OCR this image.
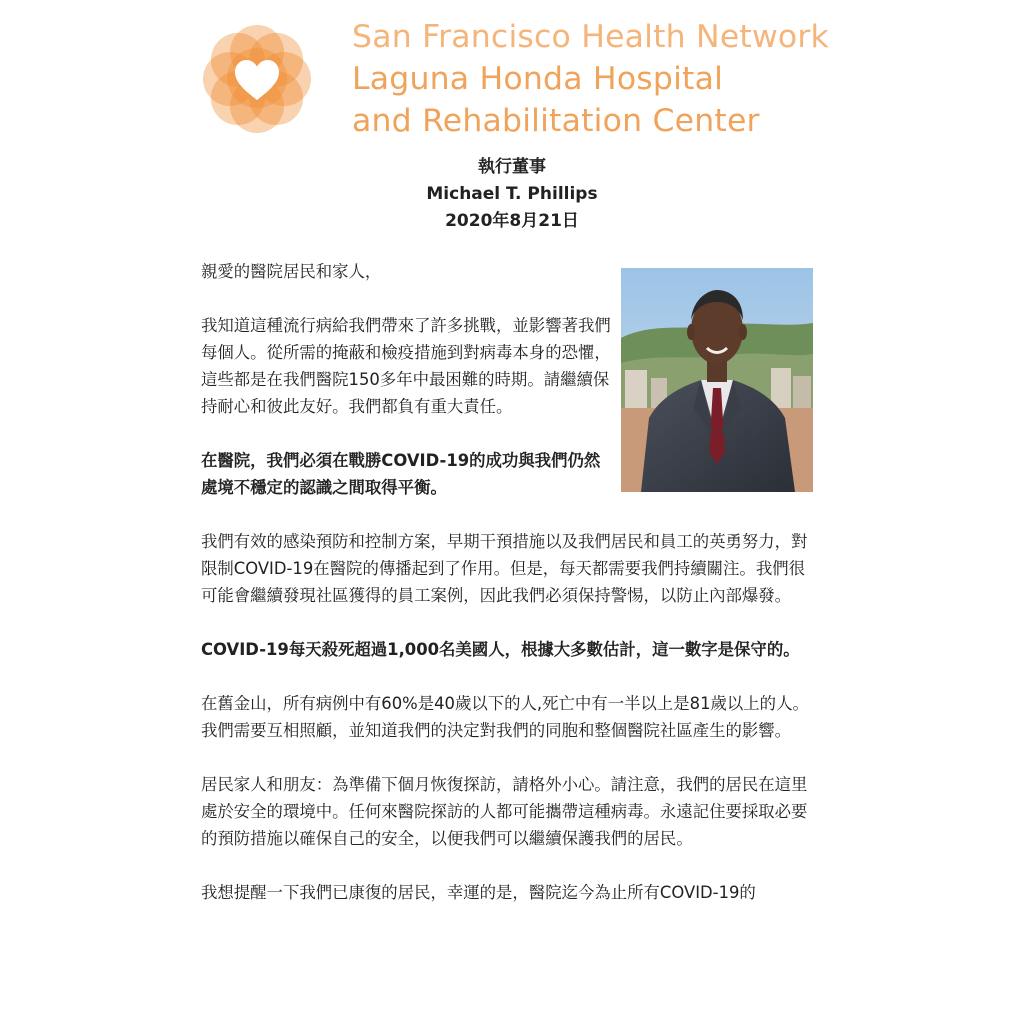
San Francisco Health Network
Laguna Honda Hospital
and Rehabilitation Center
執行董事
Michael T. Phillips
2020年8月21日

親愛的醫院居民和家人，

我知道這種流行病給我們帶來了許多挑戰，並影響著我們每個人。從所需的掩蔽和檢疫措施到對病毒本身的恐懼，這些都是在我們醫院150多年中最困難的時期。請繼續保持耐心和彼此友好。我們都負有重大責任。

在醫院，我們必須在戰勝COVID-19的成功與我們仍然處境不穩定的認識之間取得平衡。

我們有效的感染預防和控制方案，早期干預措施以及我們居民和員工的英勇努力，對限制COVID-19在醫院的傳播起到了作用。但是，每天都需要我們持續關注。我們很可能會繼續發現社區獲得的員工案例，因此我們必須保持警惕，以防止內部爆發。

COVID-19每天殺死超過1,000名美國人，根據大多數估計，這一數字是保守的。

在舊金山，所有病例中有60%是40歲以下的人,死亡中有一半以上是81歲以上的人。我們需要互相照顧，並知道我們的決定對我們的同胞和整個醫院社區產生的影響。

居民家人和朋友：為準備下個月恢復探訪，請格外小心。請注意，我們的居民在這里處於安全的環境中。任何來醫院探訪的人都可能攜帶這種病毒。永遠記住要採取必要的預防措施以確保自己的安全，以便我們可以繼續保護我們的居民。

我想提醒一下我們已康復的居民，幸運的是，醫院迄今為止所有COVID-19的
